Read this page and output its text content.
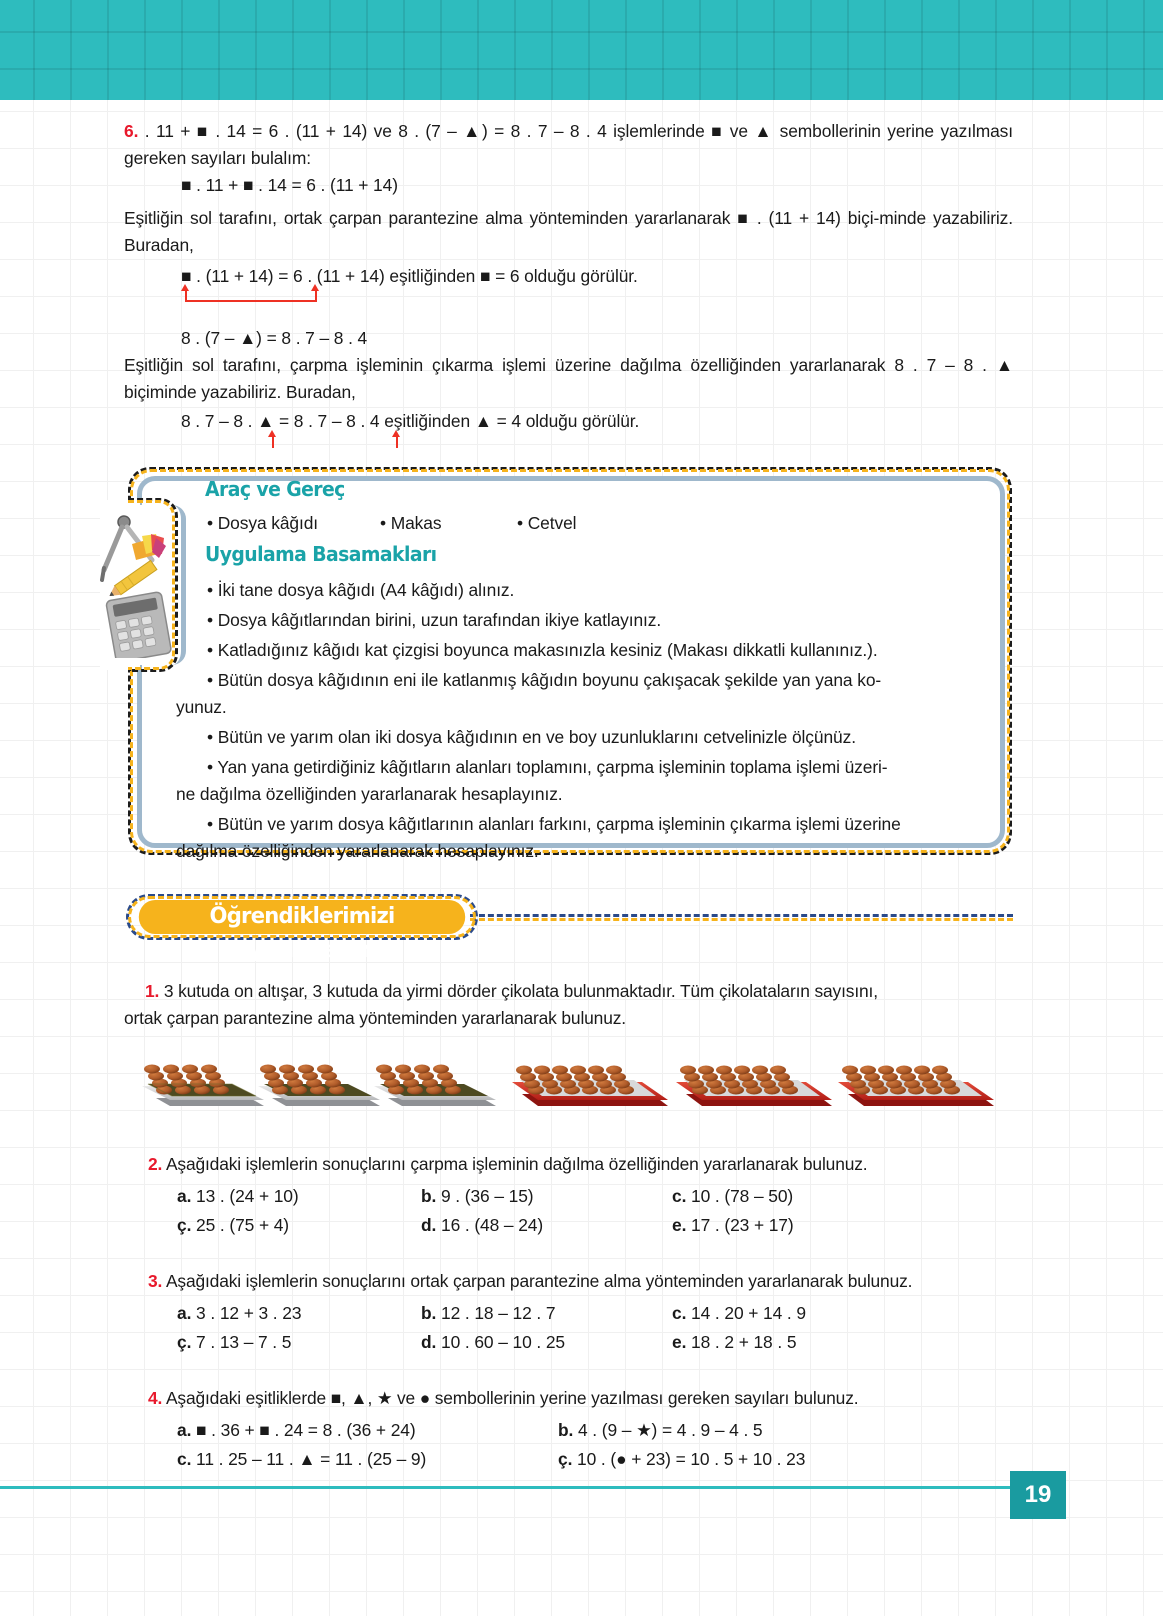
6. . 11 + ■ . 14 = 6 . (11 + 14) ve 8 . (7 – ▲) = 8 . 7 – 8 . 4 işlemlerinde ■ ve ▲ sembollerinin yerine yazılması gereken sayıları bulalım:
■ . 11 + ■ . 14 = 6 . (11 + 14)
Eşitliğin sol tarafını, ortak çarpan parantezine alma yönteminden yararlanarak ■ . (11 + 14) biçi-minde yazabiliriz. Buradan,
■ . (11 + 14) = 6 . (11 + 14) eşitliğinden ■ = 6 olduğu görülür.
8 . (7 – ▲) = 8 . 7 – 8 . 4
Eşitliğin sol tarafını, çarpma işleminin çıkarma işlemi üzerine dağılma özelliğinden yararlanarak 8 . 7 – 8 . ▲ biçiminde yazabiliriz. Buradan,
8 . 7 – 8 . ▲ = 8 . 7 – 8 . 4 eşitliğinden ▲ = 4 olduğu görülür.
Araç ve Gereç
• Dosya kâğıdı	• Makas	• Cetvel
Uygulama Basamakları
• İki tane dosya kâğıdı (A4 kâğıdı) alınız.
• Dosya kâğıtlarından birini, uzun tarafından ikiye katlayınız.
• Katladığınız kâğıdı kat çizgisi boyunca makasınızla kesiniz (Makası dikkatli kullanınız.).
• Bütün dosya kâğıdının eni ile katlanmış kâğıdın boyunu çakışacak şekilde yan yana ko-
yunuz.
• Bütün ve yarım olan iki dosya kâğıdının en ve boy uzunluklarını cetvelinizle ölçünüz.
• Yan yana getirdiğiniz kâğıtların alanları toplamını, çarpma işleminin toplama işlemi üzeri-
ne dağılma özelliğinden yararlanarak hesaplayınız.
• Bütün ve yarım dosya kâğıtlarının alanları farkını, çarpma işleminin çıkarma işlemi üzerine
dağılma özelliğinden yararlanarak hesaplayınız.
Öğrendiklerimizi Uygulayalım
1. 3 kutuda on altışar, 3 kutuda da yirmi dörder çikolata bulunmaktadır. Tüm çikolataların sayısını,
ortak çarpan parantezine alma yönteminden yararlanarak bulunuz.
2. Aşağıdaki işlemlerin sonuçlarını çarpma işleminin dağılma özelliğinden yararlanarak bulunuz.
a. 13 . (24 + 10)	b. 9 . (36 – 15)	c. 10 . (78 – 50)
ç. 25 . (75 + 4)	d. 16 . (48 – 24)	e. 17 . (23 + 17)
3. Aşağıdaki işlemlerin sonuçlarını ortak çarpan parantezine alma yönteminden yararlanarak bulunuz.
a. 3 . 12 + 3 . 23	b. 12 . 18 – 12 . 7	c. 14 . 20 + 14 . 9
ç. 7 . 13 – 7 . 5	d. 10 . 60 – 10 . 25	e. 18 . 2 + 18 . 5
4. Aşağıdaki eşitliklerde ■, ▲, ★ ve ● sembollerinin yerine yazılması gereken sayıları bulunuz.
a. ■ . 36 + ■ . 24 = 8 . (36 + 24)	b. 4 . (9 – ★) = 4 . 9 – 4 . 5
c. 11 . 25 – 11 . ▲ = 11 . (25 – 9)	ç. 10 . (● + 23) = 10 . 5 + 10 . 23
19
